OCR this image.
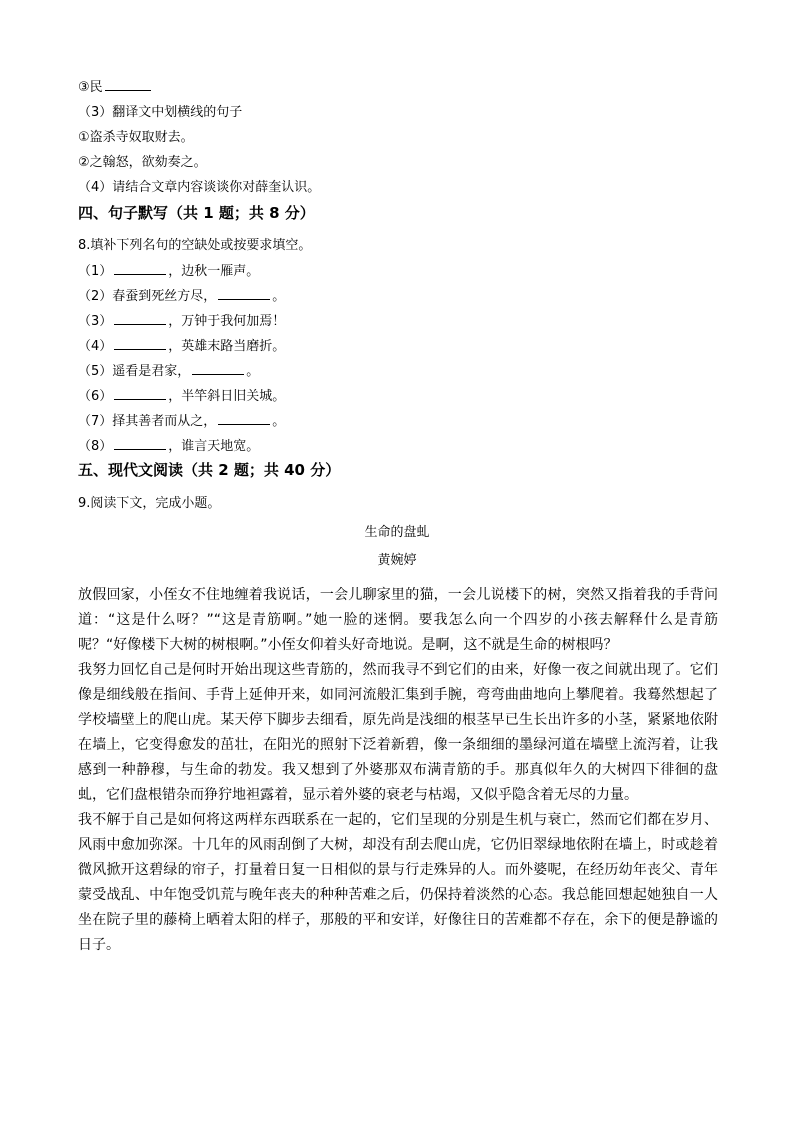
③民
（3）翻译文中划横线的句子
①盗杀寺奴取财去。
②之翰怒，欲劾奏之。
（4）请结合文章内容谈谈你对薛奎认识。
四、句子默写（共 1 题；共 8 分）
8.填补下列名句的空缺处或按要求填空。
（1）	，边秋一雁声。
（2）春蚕到死丝方尽，	。
（3）	，万钟于我何加焉！
（4）	，英雄末路当磨折。
（5）遥看是君家，	。
（6）	，半竿斜日旧关城。
（7）择其善者而从之，	。
（8）	，谁言天地宽。
五、现代文阅读（共 2 题；共 40 分）
9.阅读下文，完成小题。
生命的盘虬
黄婉婷

放假回家，小侄女不住地缠着我说话，一会儿聊家里的猫，一会儿说楼下的树，突然又指着我的手背问道：“这是什么呀？”“这是青筋啊。”她一脸的迷惘。要我怎么向一个四岁的小孩去解释什么是青筋呢？“好像楼下大树的树根啊。”小侄女仰着头好奇地说。是啊，这不就是生命的树根吗？

我努力回忆自己是何时开始出现这些青筋的，然而我寻不到它们的由来，好像一夜之间就出现了。它们像是细线般在指间、手背上延伸开来，如同河流般汇集到手腕，弯弯曲曲地向上攀爬着。我蓦然想起了学校墙壁上的爬山虎。某天停下脚步去细看，原先尚是浅细的根茎早已生长出许多的小茎，紧紧地依附在墙上，它变得愈发的茁壮，在阳光的照射下泛着新碧，像一条细细的墨绿河道在墙壁上流泻着，让我感到一种静穆，与生命的勃发。我又想到了外婆那双布满青筋的手。那真似年久的大树四下徘徊的盘虬，它们盘根错杂而狰狞地袒露着，显示着外婆的衰老与枯竭，又似乎隐含着无尽的力量。

我不解于自己是如何将这两样东西联系在一起的，它们呈现的分别是生机与衰亡，然而它们都在岁月、风雨中愈加弥深。十几年的风雨刮倒了大树，却没有刮去爬山虎，它仍旧翠绿地依附在墙上，时或趁着微风掀开这碧绿的帘子，打量着日复一日相似的景与行走殊异的人。而外婆呢，在经历幼年丧父、青年蒙受战乱、中年饱受饥荒与晚年丧夫的种种苦难之后，仍保持着淡然的心态。我总能回想起她独自一人坐在院子里的藤椅上晒着太阳的样子，那般的平和安详，好像往日的苦难都不存在，余下的便是静谧的日子。
